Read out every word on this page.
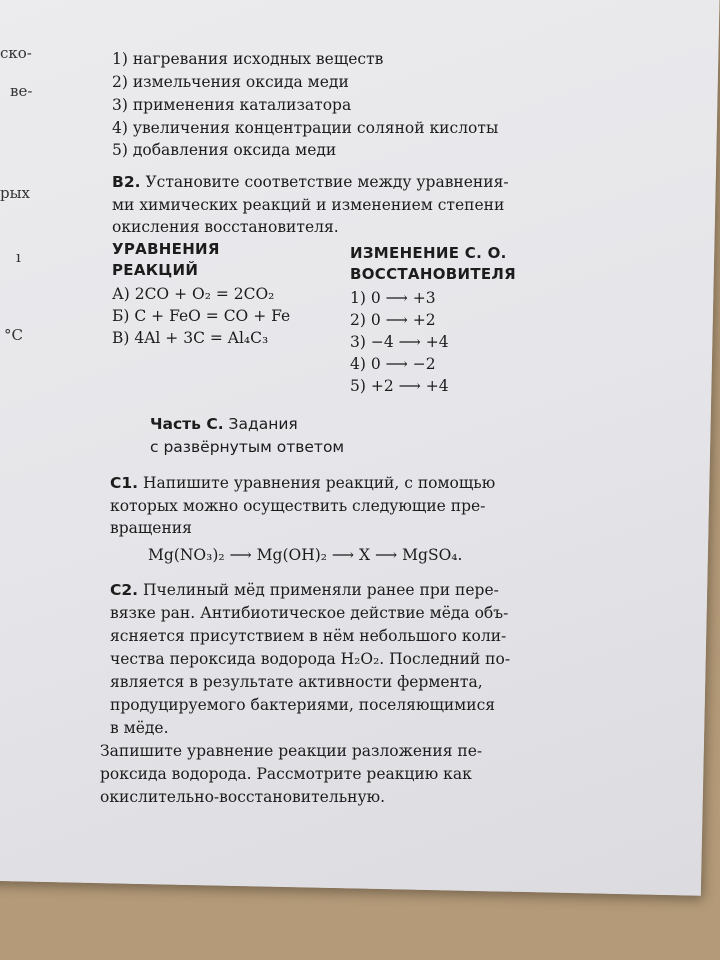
ско-
ве-
рых
ı
°С
1) нагревания исходных веществ
2) измельчения оксида меди
3) применения катализатора
4) увеличения концентрации соляной кислоты
5) добавления оксида меди
В2. Установите соответствие между уравнения-
ми химических реакций и изменением степени
окисления восстановителя.
УРАВНЕНИЯ
РЕАКЦИЙ
ИЗМЕНЕНИЕ С. О.
ВОССТАНОВИТЕЛЯ
А) 2CO + O₂ = 2CO₂
Б) C + FeO = CO + Fe
В) 4Al + 3C = Al₄C₃
1) 0 ⟶ +3
2) 0 ⟶ +2
3) −4 ⟶ +4
4) 0 ⟶ −2
5) +2 ⟶ +4
Часть С. Задания
с развёрнутым ответом
С1. Напишите уравнения реакций, с помощью
которых можно осуществить следующие пре-
вращения
Mg(NO₃)₂ ⟶ Mg(OH)₂ ⟶ X ⟶ MgSO₄.
С2. Пчелиный мёд применяли ранее при пере-
вязке ран. Антибиотическое действие мёда объ-
ясняется присутствием в нём небольшого коли-
чества пероксида водорода H₂O₂. Последний по-
является в результате активности фермента,
продуцируемого бактериями, поселяющимися
в мёде.
Запишите уравнение реакции разложения пе-
роксида водорода. Рассмотрите реакцию как
окислительно-восстановительную.
